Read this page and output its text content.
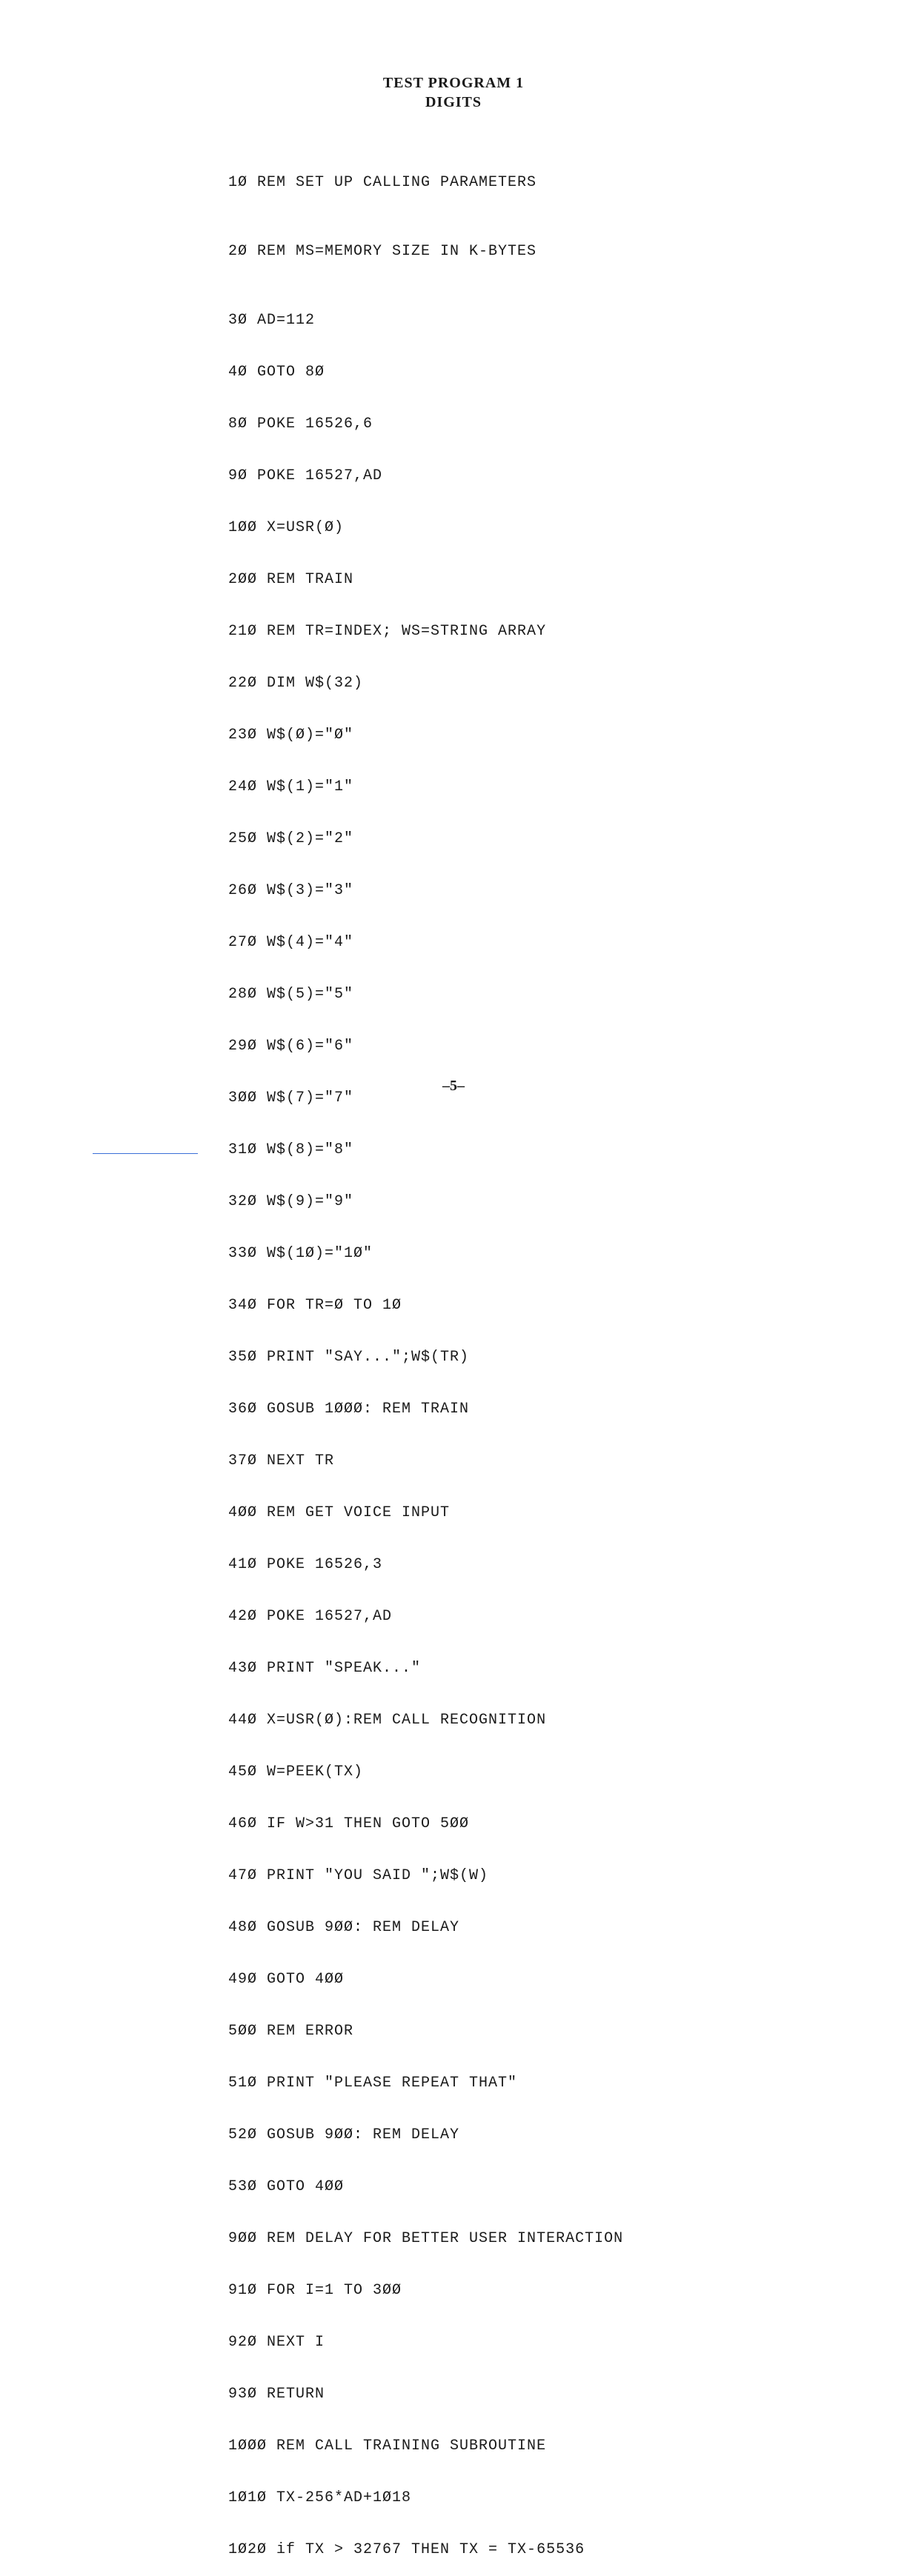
TEST PROGRAM 1
DIGITS

1Ø REM SET UP CALLING PARAMETERS

2Ø REM MS=MEMORY SIZE IN K-BYTES

3Ø AD=112

4Ø GOTO 8Ø

8Ø POKE 16526,6

9Ø POKE 16527,AD

1ØØ X=USR(Ø)

2ØØ REM TRAIN

21Ø REM TR=INDEX; WS=STRING ARRAY

22Ø DIM W$(32)

23Ø W$(Ø)="Ø"

24Ø W$(1)="1"

25Ø W$(2)="2"

26Ø W$(3)="3"

27Ø W$(4)="4"

28Ø W$(5)="5"

29Ø W$(6)="6"

3ØØ W$(7)="7"

31Ø W$(8)="8"

32Ø W$(9)="9"

33Ø W$(1Ø)="1Ø"

34Ø FOR TR=Ø TO 1Ø

35Ø PRINT "SAY...";W$(TR)

36Ø GOSUB 1ØØØ: REM TRAIN

37Ø NEXT TR

4ØØ REM GET VOICE INPUT

41Ø POKE 16526,3

42Ø POKE 16527,AD

43Ø PRINT "SPEAK..."

44Ø X=USR(Ø):REM CALL RECOGNITION

45Ø W=PEEK(TX)

46Ø IF W>31 THEN GOTO 5ØØ

47Ø PRINT "YOU SAID ";W$(W)

48Ø GOSUB 9ØØ: REM DELAY

49Ø GOTO 4ØØ

5ØØ REM ERROR

51Ø PRINT "PLEASE REPEAT THAT"

52Ø GOSUB 9ØØ: REM DELAY

53Ø GOTO 4ØØ

9ØØ REM DELAY FOR BETTER USER INTERACTION

91Ø FOR I=1 TO 3ØØ

92Ø NEXT I

93Ø RETURN

1ØØØ REM CALL TRAINING SUBROUTINE

1Ø1Ø TX-256*AD+1Ø18

1Ø2Ø if TX > 32767 THEN TX = TX-65536

–5–
